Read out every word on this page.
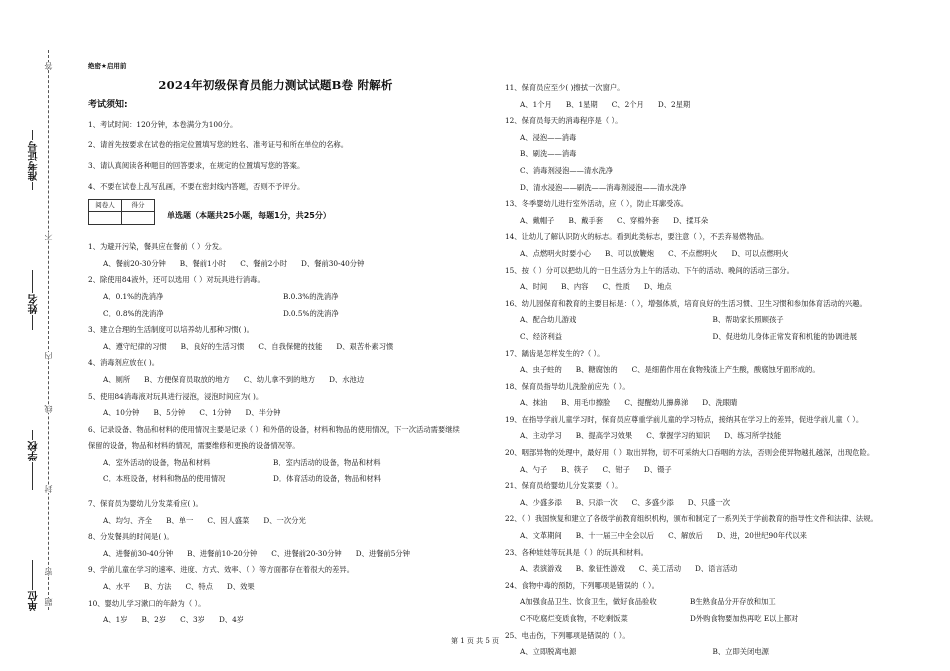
准考证号
姓名
学校
单位
答
不
内
线
封
密
题
绝密★启用前
2024年初级保育员能力测试试题B卷 附解析
考试须知:
1、考试时间：120分钟，本卷满分为100分。
2、请首先按要求在试卷的指定位置填写您的姓名、准考证号和所在单位的名称。
3、请认真阅读各种题目的回答要求，在规定的位置填写您的答案。
4、不要在试卷上乱写乱画，不要在密封线内答题，否则不予评分。
阅卷人	得分

单选题（本题共25小题，每题1分，共25分）
1、为避开污染，餐具应在餐前（ ）分发。
A、餐前20-30分钟 B、餐前1小时 C、餐前2小时 D、餐前30-40分钟
2、除使用84液外，还可以选用（ ）对玩具进行消毒。
A．0.1%的洗消净	B.0.3%的洗消净
C．0.8%的洗消净	D.0.5%的洗消净
3、建立合理的生活制度可以培养幼儿那种习惯( )。
A、遵守纪律的习惯 B、良好的生活习惯 C、自我保健的技能 D、艰苦朴素习惯
4、消毒剂应放在( )。
A、厕所 B、方便保育员取放的地方 C、幼儿拿不到的地方 D、水池边
5、使用84消毒液对玩具进行浸泡，浸泡时间应为( )。
A、10分钟 B、5分钟 C、1分钟 D、半分钟
6、记录设备、物品和材料的使用情况主要是记录（ ）和外借的设备，材料和物品的使用情况，下一次活动需要继续保留的设备，物品和材料的情况，需要维修和更换的设备情况等。
A．室外活动的设备，物品和材料	B．室内活动的设备，物品和材料
C．本班设备，材料和物品的使用情况	D．体育活动的设备，物品和材料
7、保育员为婴幼儿分发菜肴应( )。
A、均匀、齐全 B、单一 C、因人盛菜 D、一次分光
8、分发餐具的时间是( )。
A、进餐前30-40分钟 B、进餐前10-20分钟 C、进餐前20-30分钟 D、进餐前5分钟
9、学前儿童在学习的速率、进度、方式、效率、（ ）等方面都存在着很大的差异。
A、水平 B、方法 C、特点 D、效果
10、婴幼儿学习漱口的年龄为（ ）。
A、1岁 B、2岁 C、3岁 D、4岁
11、保育员应至少( )擦拭一次窗户。
A、1个月 B、1星期 C、2个月 D、2星期
12、保育员每天的消毒程序是（ ）。
A、浸泡——消毒
B、刷洗——消毒
C、消毒剂浸泡——清水洗净
D、清水浸泡——刷洗——消毒剂浸泡——清水洗净
13、冬季婴幼儿进行室外活动，应（ ），防止耳廓受冻。
A、戴帽子 B、戴手套 C、穿棉外套 D、揉耳朵
14、让幼儿了解认识防火的标志。看到此类标志，要注意（ ），不丢弃易燃物品。
A、点燃明火时要小心 B、可以放鞭炮 C、不点燃明火 D、可以点燃明火
15、按（ ）分可以把幼儿的一日生活分为上午的活动、下午的活动、晚间的活动三部分。
A、时间 B、内容 C、性质 D、地点
16、幼儿园保育和教育的主要目标是：（ ），增强体质，培育良好的生活习惯、卫生习惯和参加体育活动的兴趣。
A、配合幼儿游戏	B、帮助家长照顾孩子
C、经济利益	D、促进幼儿身体正常发育和机能的协调进展
17、龋齿是怎样发生的?（ ）。
A、虫子蛀的 B、糖腐蚀的 C、是细菌作用在食物残渣上产生酸，酸腐蚀牙面形成的。
18、保育员指导幼儿洗脸前应先（ ）。
A、抹油 B、用毛巾擦脸 C、提醒幼儿擤鼻涕 D、洗眼睛
19、在指导学前儿童学习时，保育员应尊重学前儿童的学习特点，接纳其在学习上的差异，促进学前儿童（ ）。
A、主动学习 B、提高学习效果 C、掌握学习的知识 D、练习所学技能
20、咽部异物的处理中，最好用（ ）取出异物，切不可采纳大口吞咽的方法，否则会使异物越扎越深，出现危险。
A、勺子 B、筷子 C、钳子 D、镊子
21、保育员给婴幼儿分发菜要（ ）。
A、少盛多添 B、只添一次 C、多盛少添 D、只盛一次
22、（ ）我国恢复和建立了各级学前教育组织机构，颁布和制定了一系列关于学前教育的指导性文件和法律、法规。
A、文革期间 B、十一届三中全会以后 C、解放后 D、进，20世纪90年代以来
23、各种娃娃等玩具是（ ）的玩具和材料。
A、表演游戏 B、象征性游戏 C、美工活动 D、语言活动
24、食物中毒的预防，下列哪项是错误的（ ）。
A加强食品卫生、饮食卫生，做好食品验收	B生熟食品分开存放和加工
C不吃腐烂变质食物，不吃剩饭菜	D外购食物要加热再吃 E以上都对
25、电击伤，下列哪项是错误的（ ）。
A、立即脱离电源	B、立即关闭电源
第 1 页 共 5 页
